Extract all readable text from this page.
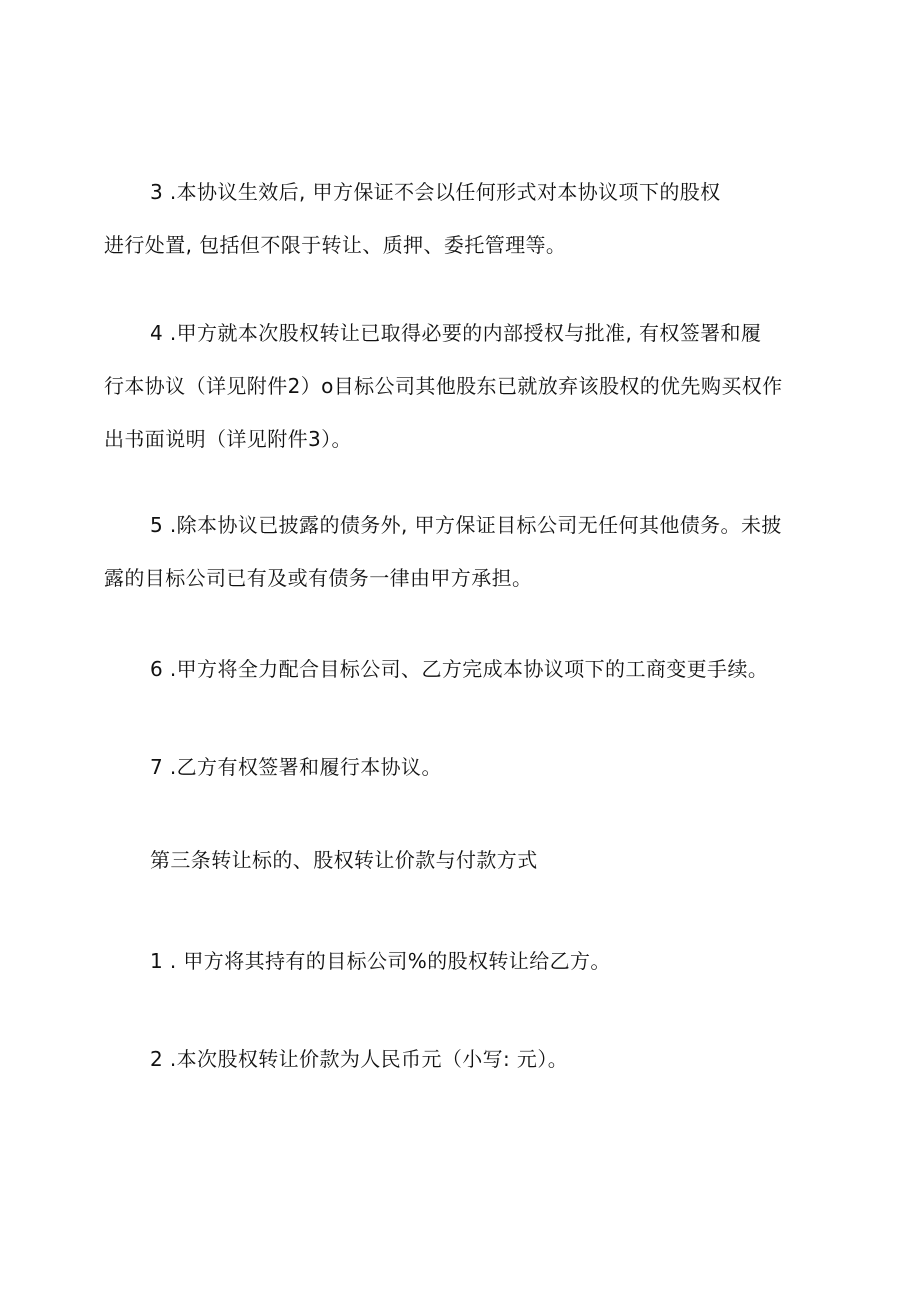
3 .本协议生效后, 甲方保证不会以任何形式对本协议项下的股权
进行处置, 包括但不限于转让、质押、委托管理等。

4 .甲方就本次股权转让已取得必要的内部授权与批准, 有权签署和履
行本协议（详见附件2）o目标公司其他股东已就放弃该股权的优先购买权作
出书面说明（详见附件3）。

5 .除本协议已披露的债务外, 甲方保证目标公司无任何其他债务。未披
露的目标公司已有及或有债务一律由甲方承担。

6 .甲方将全力配合目标公司、乙方完成本协议项下的工商变更手续。

7 .乙方有权签署和履行本协议。

第三条转让标的、股权转让价款与付款方式

1 . 甲方将其持有的目标公司%的股权转让给乙方。

2 .本次股权转让价款为人民币元（小写: 元）。
